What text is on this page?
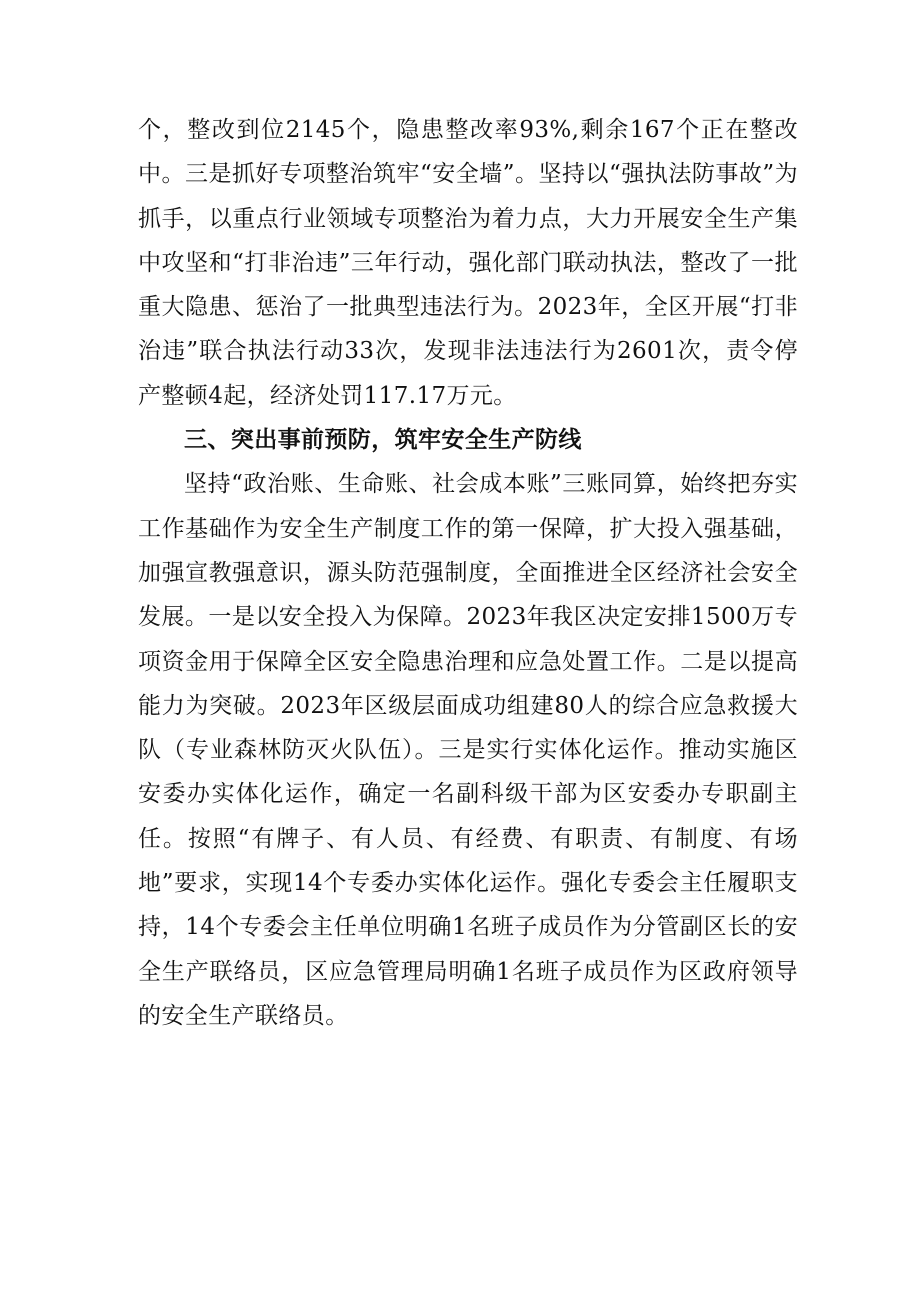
个，整改到位2145个，隐患整改率93%,剩余167个正在整改中。三是抓好专项整治筑牢“安全墙”。坚持以“强执法防事故”为抓手，以重点行业领域专项整治为着力点，大力开展安全生产集中攻坚和“打非治违”三年行动，强化部门联动执法，整改了一批重大隐患、惩治了一批典型违法行为。2023年，全区开展“打非治违”联合执法行动33次，发现非法违法行为2601次，责令停产整顿4起，经济处罚117.17万元。

三、突出事前预防，筑牢安全生产防线

坚持“政治账、生命账、社会成本账”三账同算，始终把夯实工作基础作为安全生产制度工作的第一保障，扩大投入强基础，加强宣教强意识，源头防范强制度，全面推进全区经济社会安全发展。一是以安全投入为保障。2023年我区决定安排1500万专项资金用于保障全区安全隐患治理和应急处置工作。二是以提高能力为突破。2023年区级层面成功组建80人的综合应急救援大队（专业森林防灭火队伍）。三是实行实体化运作。推动实施区安委办实体化运作，确定一名副科级干部为区安委办专职副主任。按照“有牌子、有人员、有经费、有职责、有制度、有场地”要求，实现14个专委办实体化运作。强化专委会主任履职支持，14个专委会主任单位明确1名班子成员作为分管副区长的安全生产联络员，区应急管理局明确1名班子成员作为区政府领导的安全生产联络员。
